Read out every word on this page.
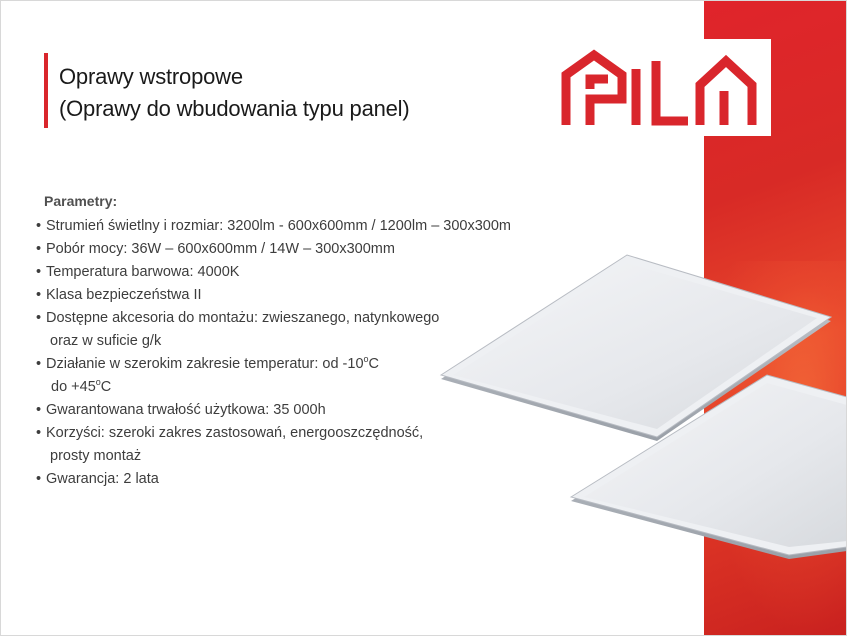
Oprawy wstropowe
(Oprawy do wbudowania typu panel)

Parametry:

• Strumień świetlny i rozmiar: 3200lm - 600x600mm / 1200lm – 300x300m
• Pobór mocy: 36W – 600x600mm / 14W – 300x300mm
• Temperatura barwowa: 4000K
• Klasa bezpieczeństwa II
• Dostępne akcesoria do montażu: zwieszanego, natynkowego
oraz w suficie g/k
• Działanie w szerokim zakresie temperatur: od -10$^o$C
do $+45^oC$
• Gwarantowana trwałość użytkowa: 35 000h
• Korzyści: szeroki zakres zastosowań, energooszczędność,
prosty montaż
• Gwarancja: 2 lata
